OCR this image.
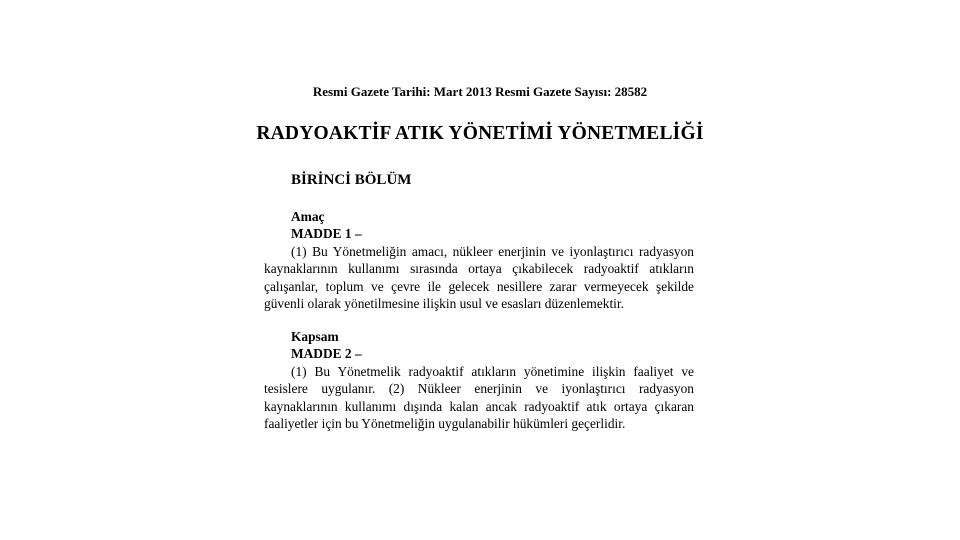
Resmi Gazete Tarihi: Mart 2013 Resmi Gazete Sayısı: 28582
RADYOAKTİF ATIK YÖNETİMİ YÖNETMELİĞİ
BİRİNCİ BÖLÜM
Amaç
MADDE 1 –

(1) Bu Yönetmeliğin amacı, nükleer enerjinin ve iyonlaştırıcı radyasyon kaynaklarının kullanımı sırasında ortaya çıkabilecek radyoaktif atıkların çalışanlar, toplum ve çevre ile gelecek nesillere zarar vermeyecek şekilde güvenli olarak yönetilmesine ilişkin usul ve esasları düzenlemektir.

Kapsam
MADDE 2 –

(1) Bu Yönetmelik radyoaktif atıkların yönetimine ilişkin faaliyet ve tesislere uygulanır. (2) Nükleer enerjinin ve iyonlaştırıcı radyasyon kaynaklarının kullanımı dışında kalan ancak radyoaktif atık ortaya çıkaran faaliyetler için bu Yönetmeliğin uygulanabilir hükümleri geçerlidir.
